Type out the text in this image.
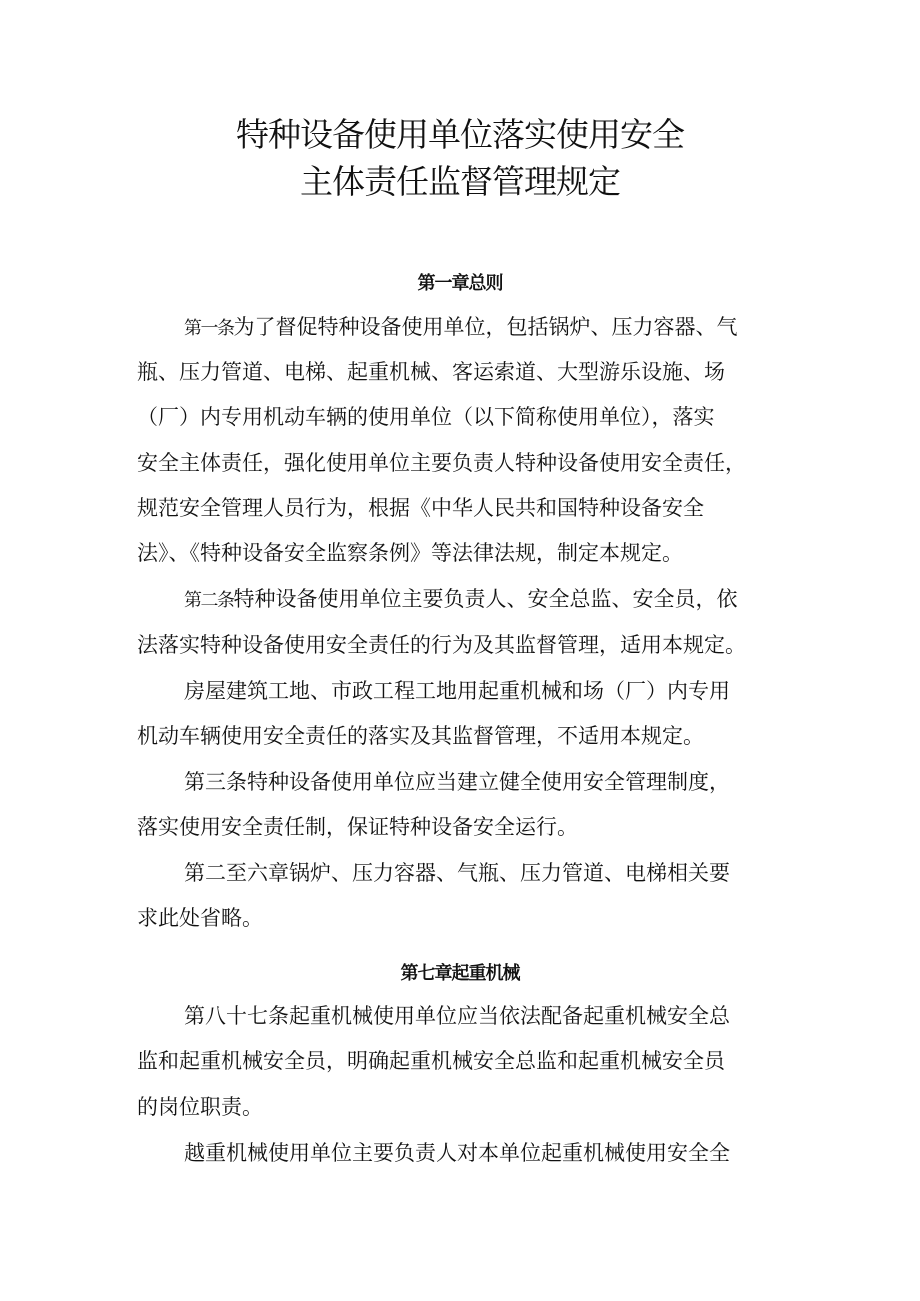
特种设备使用单位落实使用安全
主体责任监督管理规定
第一章总则

第一条为了督促特种设备使用单位，包括锅炉、压力容器、气

瓶、压力管道、电梯、起重机械、客运索道、大型游乐设施、场

（厂）内专用机动车辆的使用单位（以下简称使用单位），落实

安全主体责任，强化使用单位主要负责人特种设备使用安全责任，

规范安全管理人员行为，根据《中华人民共和国特种设备安全

法》、《特种设备安全监察条例》等法律法规，制定本规定。

第二条特种设备使用单位主要负责人、安全总监、安全员，依

法落实特种设备使用安全责任的行为及其监督管理，适用本规定。

房屋建筑工地、市政工程工地用起重机械和场（厂）内专用

机动车辆使用安全责任的落实及其监督管理，不适用本规定。

第三条特种设备使用单位应当建立健全使用安全管理制度，

落实使用安全责任制，保证特种设备安全运行。

第二至六章锅炉、压力容器、气瓶、压力管道、电梯相关要

求此处省略。

第七章起重机械

第八十七条起重机械使用单位应当依法配备起重机械安全总

监和起重机械安全员，明确起重机械安全总监和起重机械安全员

的岗位职责。

越重机械使用单位主要负责人对本单位起重机械使用安全全
